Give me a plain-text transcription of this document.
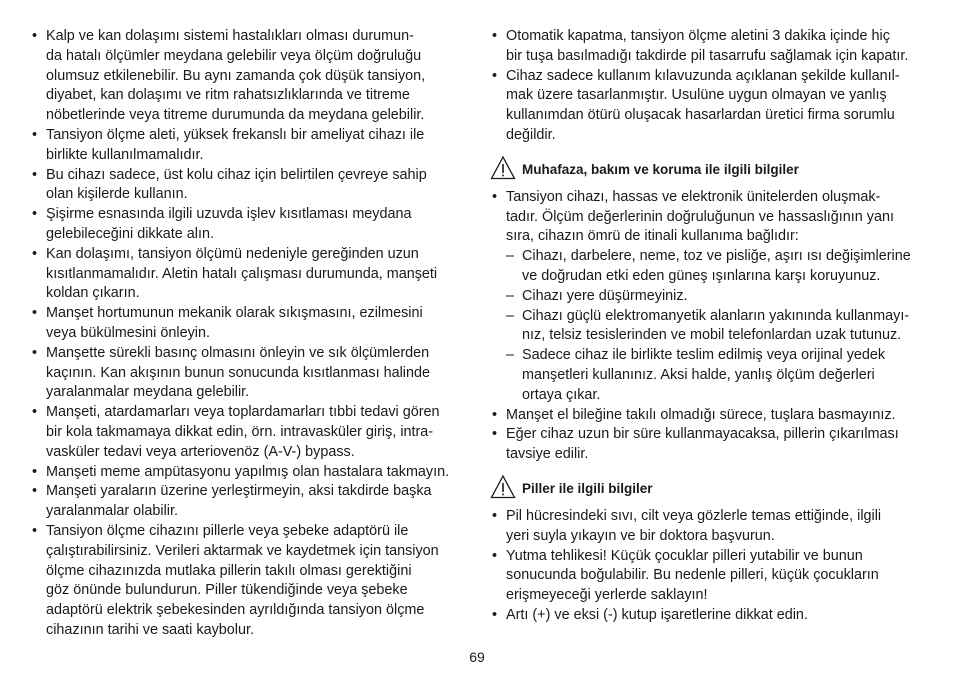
• Kalp ve kan dolaşımı sistemi hastalıkları olması durumun-
da hatalı ölçümler meydana gelebilir veya ölçüm doğruluğu
olumsuz etkilenebilir. Bu aynı zamanda çok düşük tansiyon,
diyabet, kan dolaşımı ve ritm rahatsızlıklarında ve titreme
nöbetlerinde veya titreme durumunda da meydana gelebilir.
• Tansiyon ölçme aleti, yüksek frekanslı bir ameliyat cihazı ile
birlikte kullanılmamalıdır.
• Bu cihazı sadece, üst kolu cihaz için belirtilen çevreye sahip
olan kişilerde kullanın.
• Şişirme esnasında ilgili uzuvda işlev kısıtlaması meydana
gelebileceğini dikkate alın.
• Kan dolaşımı, tansiyon ölçümü nedeniyle gereğinden uzun
kısıtlanmamalıdır. Aletin hatalı çalışması durumunda, manşeti
koldan çıkarın.
• Manşet hortumunun mekanik olarak sıkışmasını, ezilmesini
veya bükülmesini önleyin.
• Manşette sürekli basınç olmasını önleyin ve sık ölçümlerden
kaçının. Kan akışının bunun sonucunda kısıtlanması halinde
yaralanmalar meydana gelebilir.
• Manşeti, atardamarları veya toplardamarları tıbbi tedavi gören
bir kola takmamaya dikkat edin, örn. intravasküler giriş, intra-
vasküler tedavi veya arteriovenöz (A-V-) bypass.
• Manşeti meme ampütasyonu yapılmış olan hastalara takmayın.
• Manşeti yaraların üzerine yerleştirmeyin, aksi takdirde başka
yaralanmalar olabilir.
• Tansiyon ölçme cihazını pillerle veya şebeke adaptörü ile
çalıştırabilirsiniz. Verileri aktarmak ve kaydetmek için tansiyon
ölçme cihazınızda mutlaka pillerin takılı olması gerektiğini
göz önünde bulundurun. Piller tükendiğinde veya şebeke
adaptörü elektrik şebekesinden ayrıldığında tansiyon ölçme
cihazının tarihi ve saati kaybolur.
• Otomatik kapatma, tansiyon ölçme aletini 3 dakika içinde hiç
bir tuşa basılmadığı takdirde pil tasarrufu sağlamak için kapatır.
• Cihaz sadece kullanım kılavuzunda açıklanan şekilde kullanıl-
mak üzere tasarlanmıştır. Usulüne uygun olmayan ve yanlış
kullanımdan ötürü oluşacak hasarlardan üretici firma sorumlu
değildir.
Muhafaza, bakım ve koruma ile ilgili bilgiler
• Tansiyon cihazı, hassas ve elektronik ünitelerden oluşmak-
tadır. Ölçüm değerlerinin doğruluğunun ve hassaslığının yanı
sıra, cihazın ömrü de itinali kullanıma bağlıdır:
– Cihazı, darbelere, neme, toz ve pisliğe, aşırı ısı değişimlerine
ve doğrudan etki eden güneş ışınlarına karşı koruyunuz.
– Cihazı yere düşürmeyiniz.
– Cihazı güçlü elektromanyetik alanların yakınında kullanmayı-
nız, telsiz tesislerinden ve mobil telefonlardan uzak tutunuz.
– Sadece cihaz ile birlikte teslim edilmiş veya orijinal yedek
manşetleri kullanınız. Aksi halde, yanlış ölçüm değerleri
ortaya çıkar.
• Manşet el bileğine takılı olmadığı sürece, tuşlara basmayınız.
• Eğer cihaz uzun bir süre kullanmayacaksa, pillerin çıkarılması
tavsiye edilir.
Piller ile ilgili bilgiler
• Pil hücresindeki sıvı, cilt veya gözlerle temas ettiğinde, ilgili
yeri suyla yıkayın ve bir doktora başvurun.
• Yutma tehlikesi! Küçük çocuklar pilleri yutabilir ve bunun
sonucunda boğulabilir. Bu nedenle pilleri, küçük çocukların
erişmeyeceği yerlerde saklayın!
• Artı (+) ve eksi (-) kutup işaretlerine dikkat edin.
69
